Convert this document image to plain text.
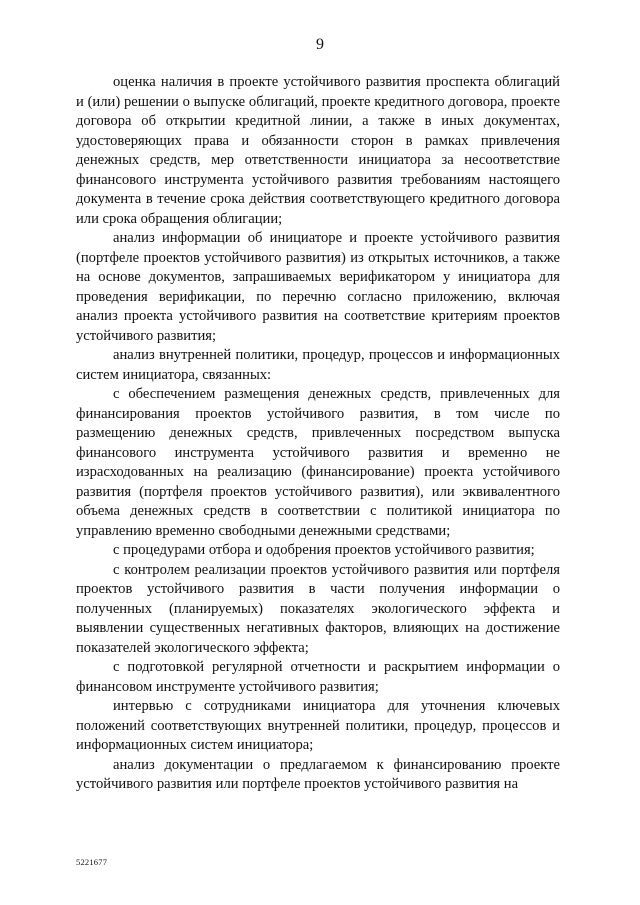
9

оценка наличия в проекте устойчивого развития проспекта облигаций и (или) решении о выпуске облигаций, проекте кредитного договора, проекте договора об открытии кредитной линии, а также в иных документах, удостоверяющих права и обязанности сторон в рамках привлечения денежных средств, мер ответственности инициатора за несоответствие финансового инструмента устойчивого развития требованиям настоящего документа в течение срока действия соответствующего кредитного договора или срока обращения облигации;

анализ информации об инициаторе и проекте устойчивого развития (портфеле проектов устойчивого развития) из открытых источников, а также на основе документов, запрашиваемых верификатором у инициатора для проведения верификации, по перечню согласно приложению, включая анализ проекта устойчивого развития на соответствие критериям проектов устойчивого развития;

анализ внутренней политики, процедур, процессов и информационных систем инициатора, связанных:

с обеспечением размещения денежных средств, привлеченных для финансирования проектов устойчивого развития, в том числе по размещению денежных средств, привлеченных посредством выпуска финансового инструмента устойчивого развития и временно не израсходованных на реализацию (финансирование) проекта устойчивого развития (портфеля проектов устойчивого развития), или эквивалентного объема денежных средств в соответствии с политикой инициатора по управлению временно свободными денежными средствами;

с процедурами отбора и одобрения проектов устойчивого развития;

с контролем реализации проектов устойчивого развития или портфеля проектов устойчивого развития в части получения информации о полученных (планируемых) показателях экологического эффекта и выявлении существенных негативных факторов, влияющих на достижение показателей экологического эффекта;

с подготовкой регулярной отчетности и раскрытием информации о финансовом инструменте устойчивого развития;

интервью с сотрудниками инициатора для уточнения ключевых положений соответствующих внутренней политики, процедур, процессов и информационных систем инициатора;

анализ документации о предлагаемом к финансированию проекте устойчивого развития или портфеле проектов устойчивого развития на

5221677
